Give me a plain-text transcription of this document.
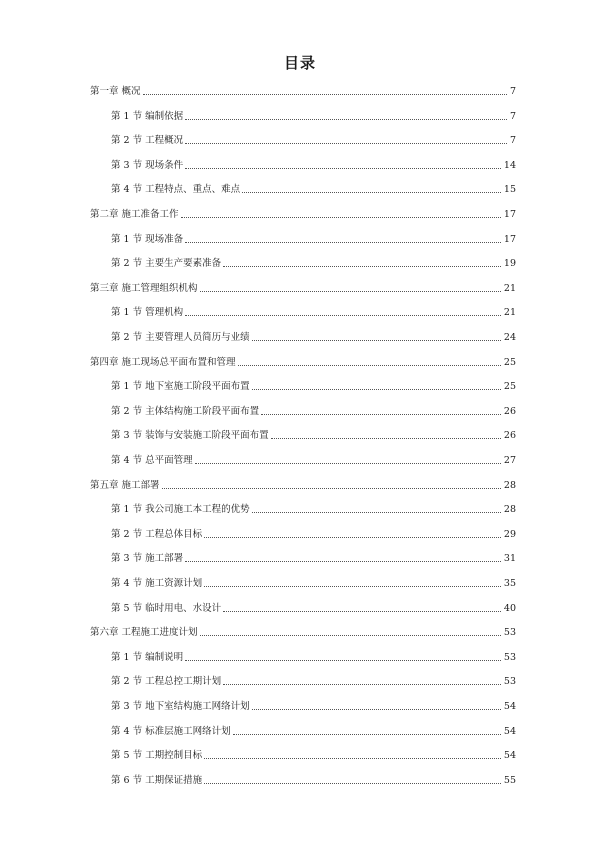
目录
第一章 概况	7
第 1 节 编制依据	7
第 2 节 工程概况	7
第 3 节 现场条件	14
第 4 节 工程特点、重点、难点	15
第二章 施工准备工作	17
第 1 节 现场准备	17
第 2 节 主要生产要素准备	19
第三章 施工管理组织机构	21
第 1 节 管理机构	21
第 2 节 主要管理人员简历与业绩	24
第四章 施工现场总平面布置和管理	25
第 1 节 地下室施工阶段平面布置	25
第 2 节 主体结构施工阶段平面布置	26
第 3 节 装饰与安装施工阶段平面布置	26
第 4 节 总平面管理	27
第五章 施工部署	28
第 1 节 我公司施工本工程的优势	28
第 2 节 工程总体目标	29
第 3 节 施工部署	31
第 4 节 施工资源计划	35
第 5 节 临时用电、水设计	40
第六章 工程施工进度计划	53
第 1 节 编制说明	53
第 2 节 工程总控工期计划	53
第 3 节 地下室结构施工网络计划	54
第 4 节 标准层施工网络计划	54
第 5 节 工期控制目标	54
第 6 节 工期保证措施	55
